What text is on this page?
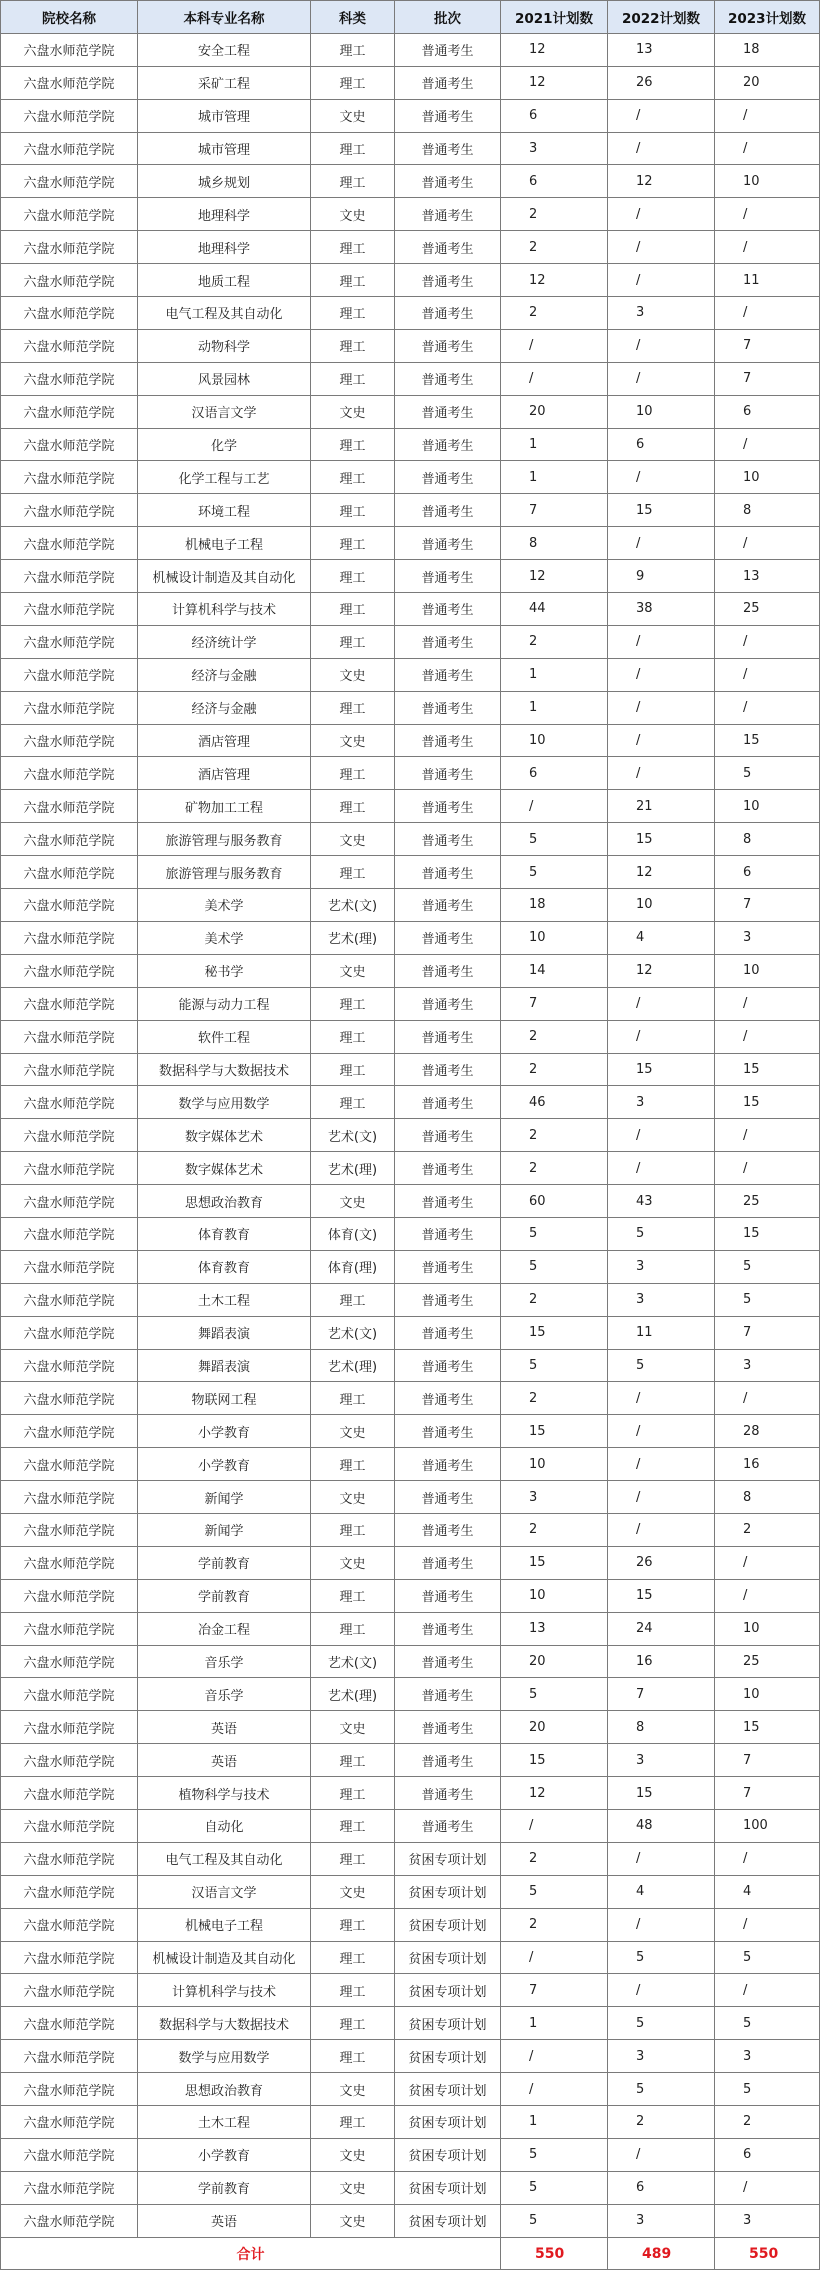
院校名称	本科专业名称	科类	批次	2021计划数	2022计划数	2023计划数
六盘水师范学院	安全工程	理工	普通考生	12	13	18
六盘水师范学院	采矿工程	理工	普通考生	12	26	20
六盘水师范学院	城市管理	文史	普通考生	6	/	/
六盘水师范学院	城市管理	理工	普通考生	3	/	/
六盘水师范学院	城乡规划	理工	普通考生	6	12	10
六盘水师范学院	地理科学	文史	普通考生	2	/	/
六盘水师范学院	地理科学	理工	普通考生	2	/	/
六盘水师范学院	地质工程	理工	普通考生	12	/	11
六盘水师范学院	电气工程及其自动化	理工	普通考生	2	3	/
六盘水师范学院	动物科学	理工	普通考生	/	/	7
六盘水师范学院	风景园林	理工	普通考生	/	/	7
六盘水师范学院	汉语言文学	文史	普通考生	20	10	6
六盘水师范学院	化学	理工	普通考生	1	6	/
六盘水师范学院	化学工程与工艺	理工	普通考生	1	/	10
六盘水师范学院	环境工程	理工	普通考生	7	15	8
六盘水师范学院	机械电子工程	理工	普通考生	8	/	/
六盘水师范学院	机械设计制造及其自动化	理工	普通考生	12	9	13
六盘水师范学院	计算机科学与技术	理工	普通考生	44	38	25
六盘水师范学院	经济统计学	理工	普通考生	2	/	/
六盘水师范学院	经济与金融	文史	普通考生	1	/	/
六盘水师范学院	经济与金融	理工	普通考生	1	/	/
六盘水师范学院	酒店管理	文史	普通考生	10	/	15
六盘水师范学院	酒店管理	理工	普通考生	6	/	5
六盘水师范学院	矿物加工工程	理工	普通考生	/	21	10
六盘水师范学院	旅游管理与服务教育	文史	普通考生	5	15	8
六盘水师范学院	旅游管理与服务教育	理工	普通考生	5	12	6
六盘水师范学院	美术学	艺术(文)	普通考生	18	10	7
六盘水师范学院	美术学	艺术(理)	普通考生	10	4	3
六盘水师范学院	秘书学	文史	普通考生	14	12	10
六盘水师范学院	能源与动力工程	理工	普通考生	7	/	/
六盘水师范学院	软件工程	理工	普通考生	2	/	/
六盘水师范学院	数据科学与大数据技术	理工	普通考生	2	15	15
六盘水师范学院	数学与应用数学	理工	普通考生	46	3	15
六盘水师范学院	数字媒体艺术	艺术(文)	普通考生	2	/	/
六盘水师范学院	数字媒体艺术	艺术(理)	普通考生	2	/	/
六盘水师范学院	思想政治教育	文史	普通考生	60	43	25
六盘水师范学院	体育教育	体育(文)	普通考生	5	5	15
六盘水师范学院	体育教育	体育(理)	普通考生	5	3	5
六盘水师范学院	土木工程	理工	普通考生	2	3	5
六盘水师范学院	舞蹈表演	艺术(文)	普通考生	15	11	7
六盘水师范学院	舞蹈表演	艺术(理)	普通考生	5	5	3
六盘水师范学院	物联网工程	理工	普通考生	2	/	/
六盘水师范学院	小学教育	文史	普通考生	15	/	28
六盘水师范学院	小学教育	理工	普通考生	10	/	16
六盘水师范学院	新闻学	文史	普通考生	3	/	8
六盘水师范学院	新闻学	理工	普通考生	2	/	2
六盘水师范学院	学前教育	文史	普通考生	15	26	/
六盘水师范学院	学前教育	理工	普通考生	10	15	/
六盘水师范学院	冶金工程	理工	普通考生	13	24	10
六盘水师范学院	音乐学	艺术(文)	普通考生	20	16	25
六盘水师范学院	音乐学	艺术(理)	普通考生	5	7	10
六盘水师范学院	英语	文史	普通考生	20	8	15
六盘水师范学院	英语	理工	普通考生	15	3	7
六盘水师范学院	植物科学与技术	理工	普通考生	12	15	7
六盘水师范学院	自动化	理工	普通考生	/	48	100
六盘水师范学院	电气工程及其自动化	理工	贫困专项计划	2	/	/
六盘水师范学院	汉语言文学	文史	贫困专项计划	5	4	4
六盘水师范学院	机械电子工程	理工	贫困专项计划	2	/	/
六盘水师范学院	机械设计制造及其自动化	理工	贫困专项计划	/	5	5
六盘水师范学院	计算机科学与技术	理工	贫困专项计划	7	/	/
六盘水师范学院	数据科学与大数据技术	理工	贫困专项计划	1	5	5
六盘水师范学院	数学与应用数学	理工	贫困专项计划	/	3	3
六盘水师范学院	思想政治教育	文史	贫困专项计划	/	5	5
六盘水师范学院	土木工程	理工	贫困专项计划	1	2	2
六盘水师范学院	小学教育	文史	贫困专项计划	5	/	6
六盘水师范学院	学前教育	文史	贫困专项计划	5	6	/
六盘水师范学院	英语	文史	贫困专项计划	5	3	3
合计				550	489	550
